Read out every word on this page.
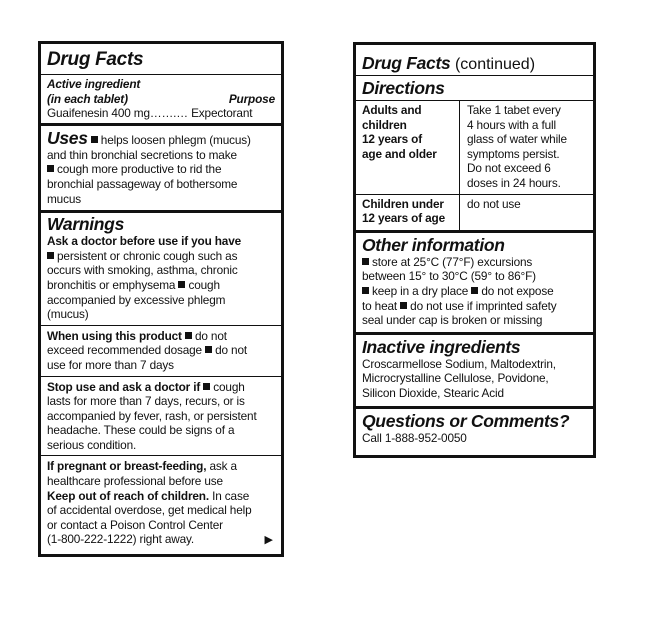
Drug Facts
Active ingredient
(in each tablet)	Purpose
Guaifenesin 400 mg…….… Expectorant
Uses helps loosen phlegm (mucus)
and thin bronchial secretions to make
cough more productive to rid the
bronchial passageway of bothersome
mucus
Warnings
Ask a doctor before use if you have
persistent or chronic cough such as
occurs with smoking, asthma, chronic
bronchitis or emphysema cough
accompanied by excessive phlegm
(mucus)
When using this product do not
exceed recommended dosage do not
use for more than 7 days
Stop use and ask a doctor if cough
lasts for more than 7 days, recurs, or is
accompanied by fever, rash, or persistent
headache. These could be signs of a
serious condition.
If pregnant or breast-feeding, ask a
healthcare professional before use
Keep out of reach of children. In case
of accidental overdose, get medical help
or contact a Poison Control Center
(1-800-222-1222) right away.	▶
Drug Facts (continued)
Directions
Adults and
children
12 years of
age and older
Take 1 tabet every
4 hours with a full
glass of water while
symptoms persist.
Do not exceed 6
doses in 24 hours.
Children under
12 years of age
do not use
Other information
store at 25°C (77°F) excursions
between 15° to 30°C (59° to 86°F)
keep in a dry place do not expose
to heat do not use if imprinted safety
seal under cap is broken or missing
Inactive ingredients
Croscarmellose Sodium, Maltodextrin,
Microcrystalline Cellulose, Povidone,
Silicon Dioxide, Stearic Acid
Questions or Comments?
Call 1-888-952-0050
